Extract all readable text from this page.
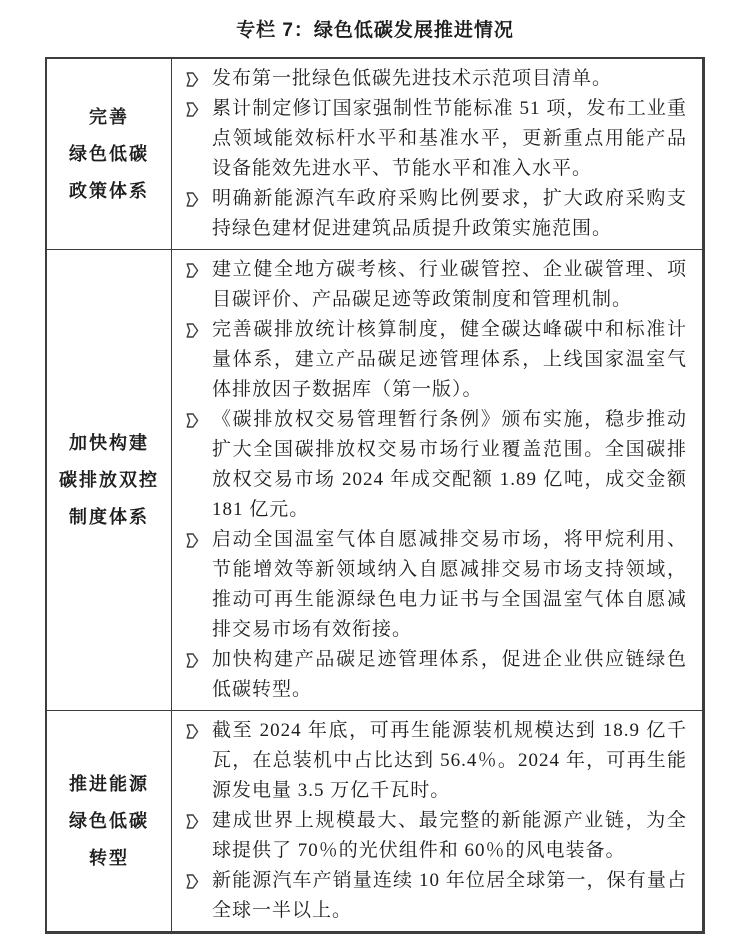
专栏 7：绿色低碳发展推进情况
完善
绿色低碳
政策体系

发布第一批绿色低碳先进技术示范项目清单。
累计制定修订国家强制性节能标准 51 项，发布工业重点领域能效标杆水平和基准水平，更新重点用能产品设备能效先进水平、节能水平和准入水平。
明确新能源汽车政府采购比例要求，扩大政府采购支持绿色建材促进建筑品质提升政策实施范围。

加快构建
碳排放双控
制度体系

建立健全地方碳考核、行业碳管控、企业碳管理、项目碳评价、产品碳足迹等政策制度和管理机制。
完善碳排放统计核算制度，健全碳达峰碳中和标准计量体系，建立产品碳足迹管理体系，上线国家温室气体排放因子数据库（第一版）。
《碳排放权交易管理暂行条例》颁布实施，稳步推动扩大全国碳排放权交易市场行业覆盖范围。全国碳排放权交易市场 2024 年成交配额 1.89 亿吨，成交金额 181 亿元。
启动全国温室气体自愿减排交易市场，将甲烷利用、节能增效等新领域纳入自愿减排交易市场支持领域，推动可再生能源绿色电力证书与全国温室气体自愿减排交易市场有效衔接。
加快构建产品碳足迹管理体系，促进企业供应链绿色低碳转型。

推进能源
绿色低碳
转型

截至 2024 年底，可再生能源装机规模达到 18.9 亿千瓦，在总装机中占比达到 56.4％。2024 年，可再生能源发电量 3.5 万亿千瓦时。
建成世界上规模最大、最完整的新能源产业链，为全球提供了 70％的光伏组件和 60％的风电装备。
新能源汽车产销量连续 10 年位居全球第一，保有量占全球一半以上。
